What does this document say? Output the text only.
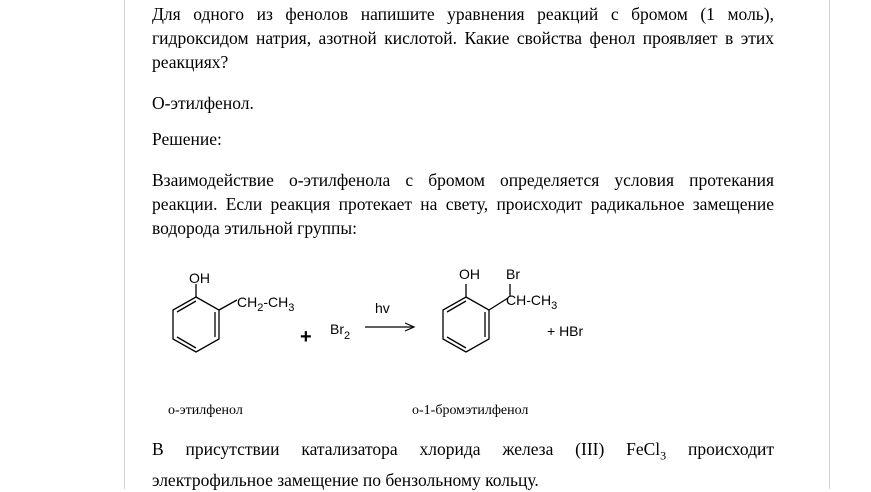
Для одного из фенолов напишите уравнения реакций с бромом (1 моль), гидроксидом натрия, азотной кислотой. Какие свойства фенол проявляет в этих реакциях?

О-этилфенол.

Решение:

Взаимодействие о-этилфенола с бромом определяется условия протекания реакции. Если реакция протекает на свету, происходит радикальное замещение водорода этильной группы:

В присутствии катализатора хлорида железа (III) FeCl$_3$ происходит электрофильное замещение по бензольному кольцу.

OH
$CH_2-CH_3$
+ $Br_2$
hv
OH Br
$CH-CH_3$
+ HBr
о-этилфенол	о-1-бромэтилфенол
